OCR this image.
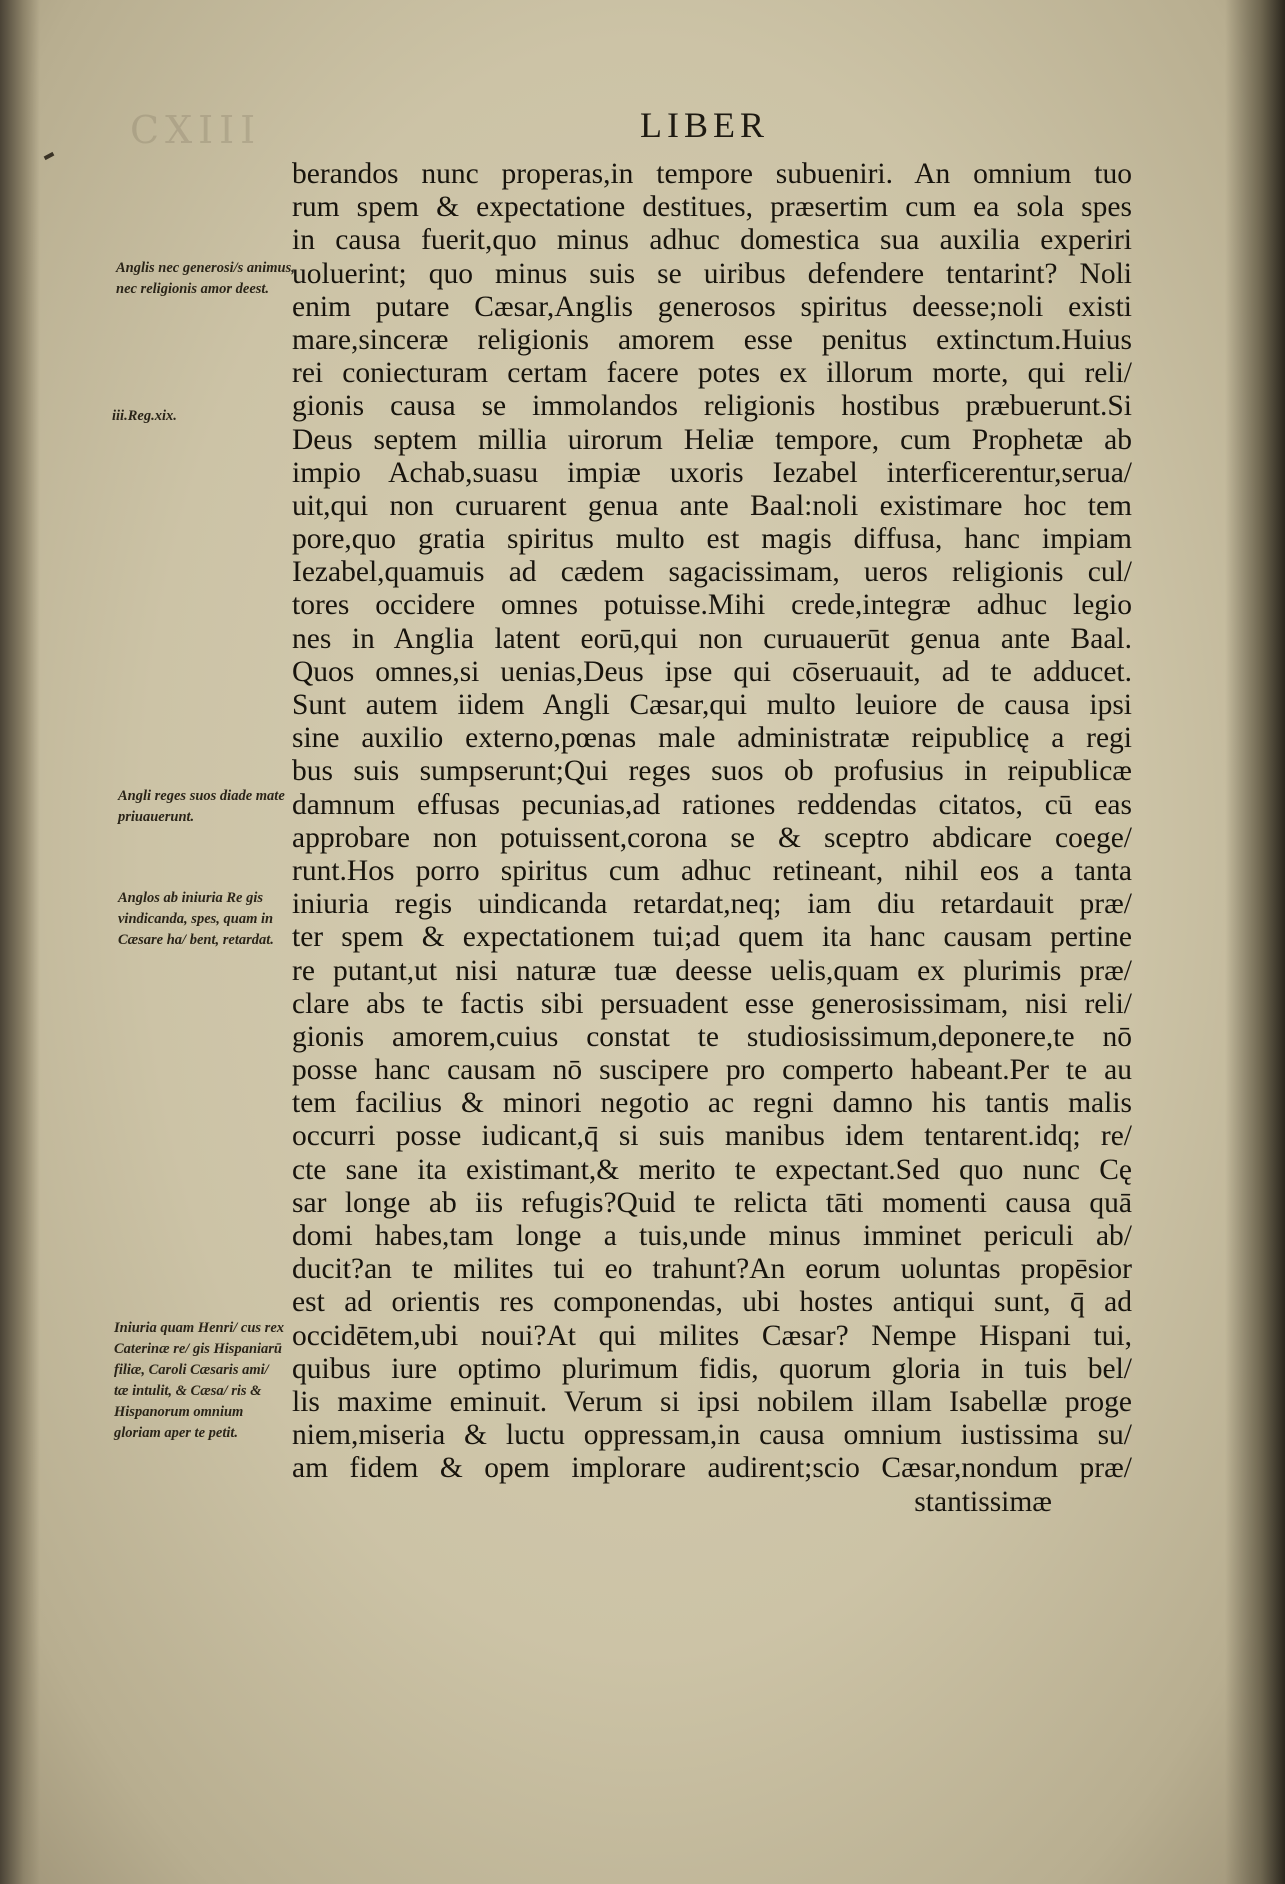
CXIII	LIBER
berandos nunc properas,in tempore subueniri. An omnium tuo
rum spem & expectatione destitues, præsertim cum ea sola spes
in causa fuerit,quo minus adhuc domestica sua auxilia experiri
uoluerint; quo minus suis se uiribus defendere tentarint? Noli
enim putare Cæsar,Anglis generosos spiritus deesse;noli existi
mare,sinceræ religionis amorem esse penitus extinctum.Huius
rei coniecturam certam facere potes ex illorum morte, qui reli/
gionis causa se immolandos religionis hostibus præbuerunt.Si
Deus septem millia uirorum Heliæ tempore, cum Prophetæ ab
impio Achab,suasu impiæ uxoris Iezabel interficerentur,serua/
uit,qui non curuarent genua ante Baal:noli existimare hoc tem
pore,quo gratia spiritus multo est magis diffusa, hanc impiam
Iezabel,quamuis ad cædem sagacissimam, ueros religionis cul/
tores occidere omnes potuisse.Mihi crede,integræ adhuc legio
nes in Anglia latent eorū,qui non curuauerūt genua ante Baal.
Quos omnes,si uenias,Deus ipse qui cōseruauit, ad te adducet.
Sunt autem iidem Angli Cæsar,qui multo leuiore de causa ipsi
sine auxilio externo,pœnas male administratæ reipublicę a regi
bus suis sumpserunt;Qui reges suos ob profusius in reipublicæ
damnum effusas pecunias,ad rationes reddendas citatos, cū eas
approbare non potuissent,corona se & sceptro abdicare coege/
runt.Hos porro spiritus cum adhuc retineant, nihil eos a tanta
iniuria regis uindicanda retardat,neq; iam diu retardauit præ/
ter spem & expectationem tui;ad quem ita hanc causam pertine
re putant,ut nisi naturæ tuæ deesse uelis,quam ex plurimis præ/
clare abs te factis sibi persuadent esse generosissimam, nisi reli/
gionis amorem,cuius constat te studiosissimum,deponere,te nō
posse hanc causam nō suscipere pro comperto habeant.Per te au
tem facilius & minori negotio ac regni damno his tantis malis
occurri posse iudicant,q̄ si suis manibus idem tentarent.idq; re/
cte sane ita existimant,& merito te expectant.Sed quo nunc Cę
sar longe ab iis refugis?Quid te relicta tāti momenti causa quā
domi habes,tam longe a tuis,unde minus imminet periculi ab/
ducit?an te milites tui eo trahunt?An eorum uoluntas propēsior
est ad orientis res componendas, ubi hostes antiqui sunt, q̄ ad
occidētem,ubi noui?At qui milites Cæsar? Nempe Hispani tui,
quibus iure optimo plurimum fidis, quorum gloria in tuis bel/
lis maxime eminuit. Verum si ipsi nobilem illam Isabellæ proge
niem,miseria & luctu oppressam,in causa omnium iustissima su/
am fidem & opem implorare audirent;scio Cæsar,nondum præ/
stantissimæ

Anglis nec generosi/s animus, nec religionis amor deest.

iii.Reg.xix.

Angli reges suos diade mate priuauerunt.

Anglos ab iniuria Re gis vindicanda, spes, quam in Cæsare ha/ bent, retardat.

Iniuria quam Henri/ cus rex Caterinæ re/ gis Hispaniarū filiæ, Caroli Cæsaris ami/ tæ intulit, & Cæsa/ ris & Hispanorum omnium gloriam aper te petit.
